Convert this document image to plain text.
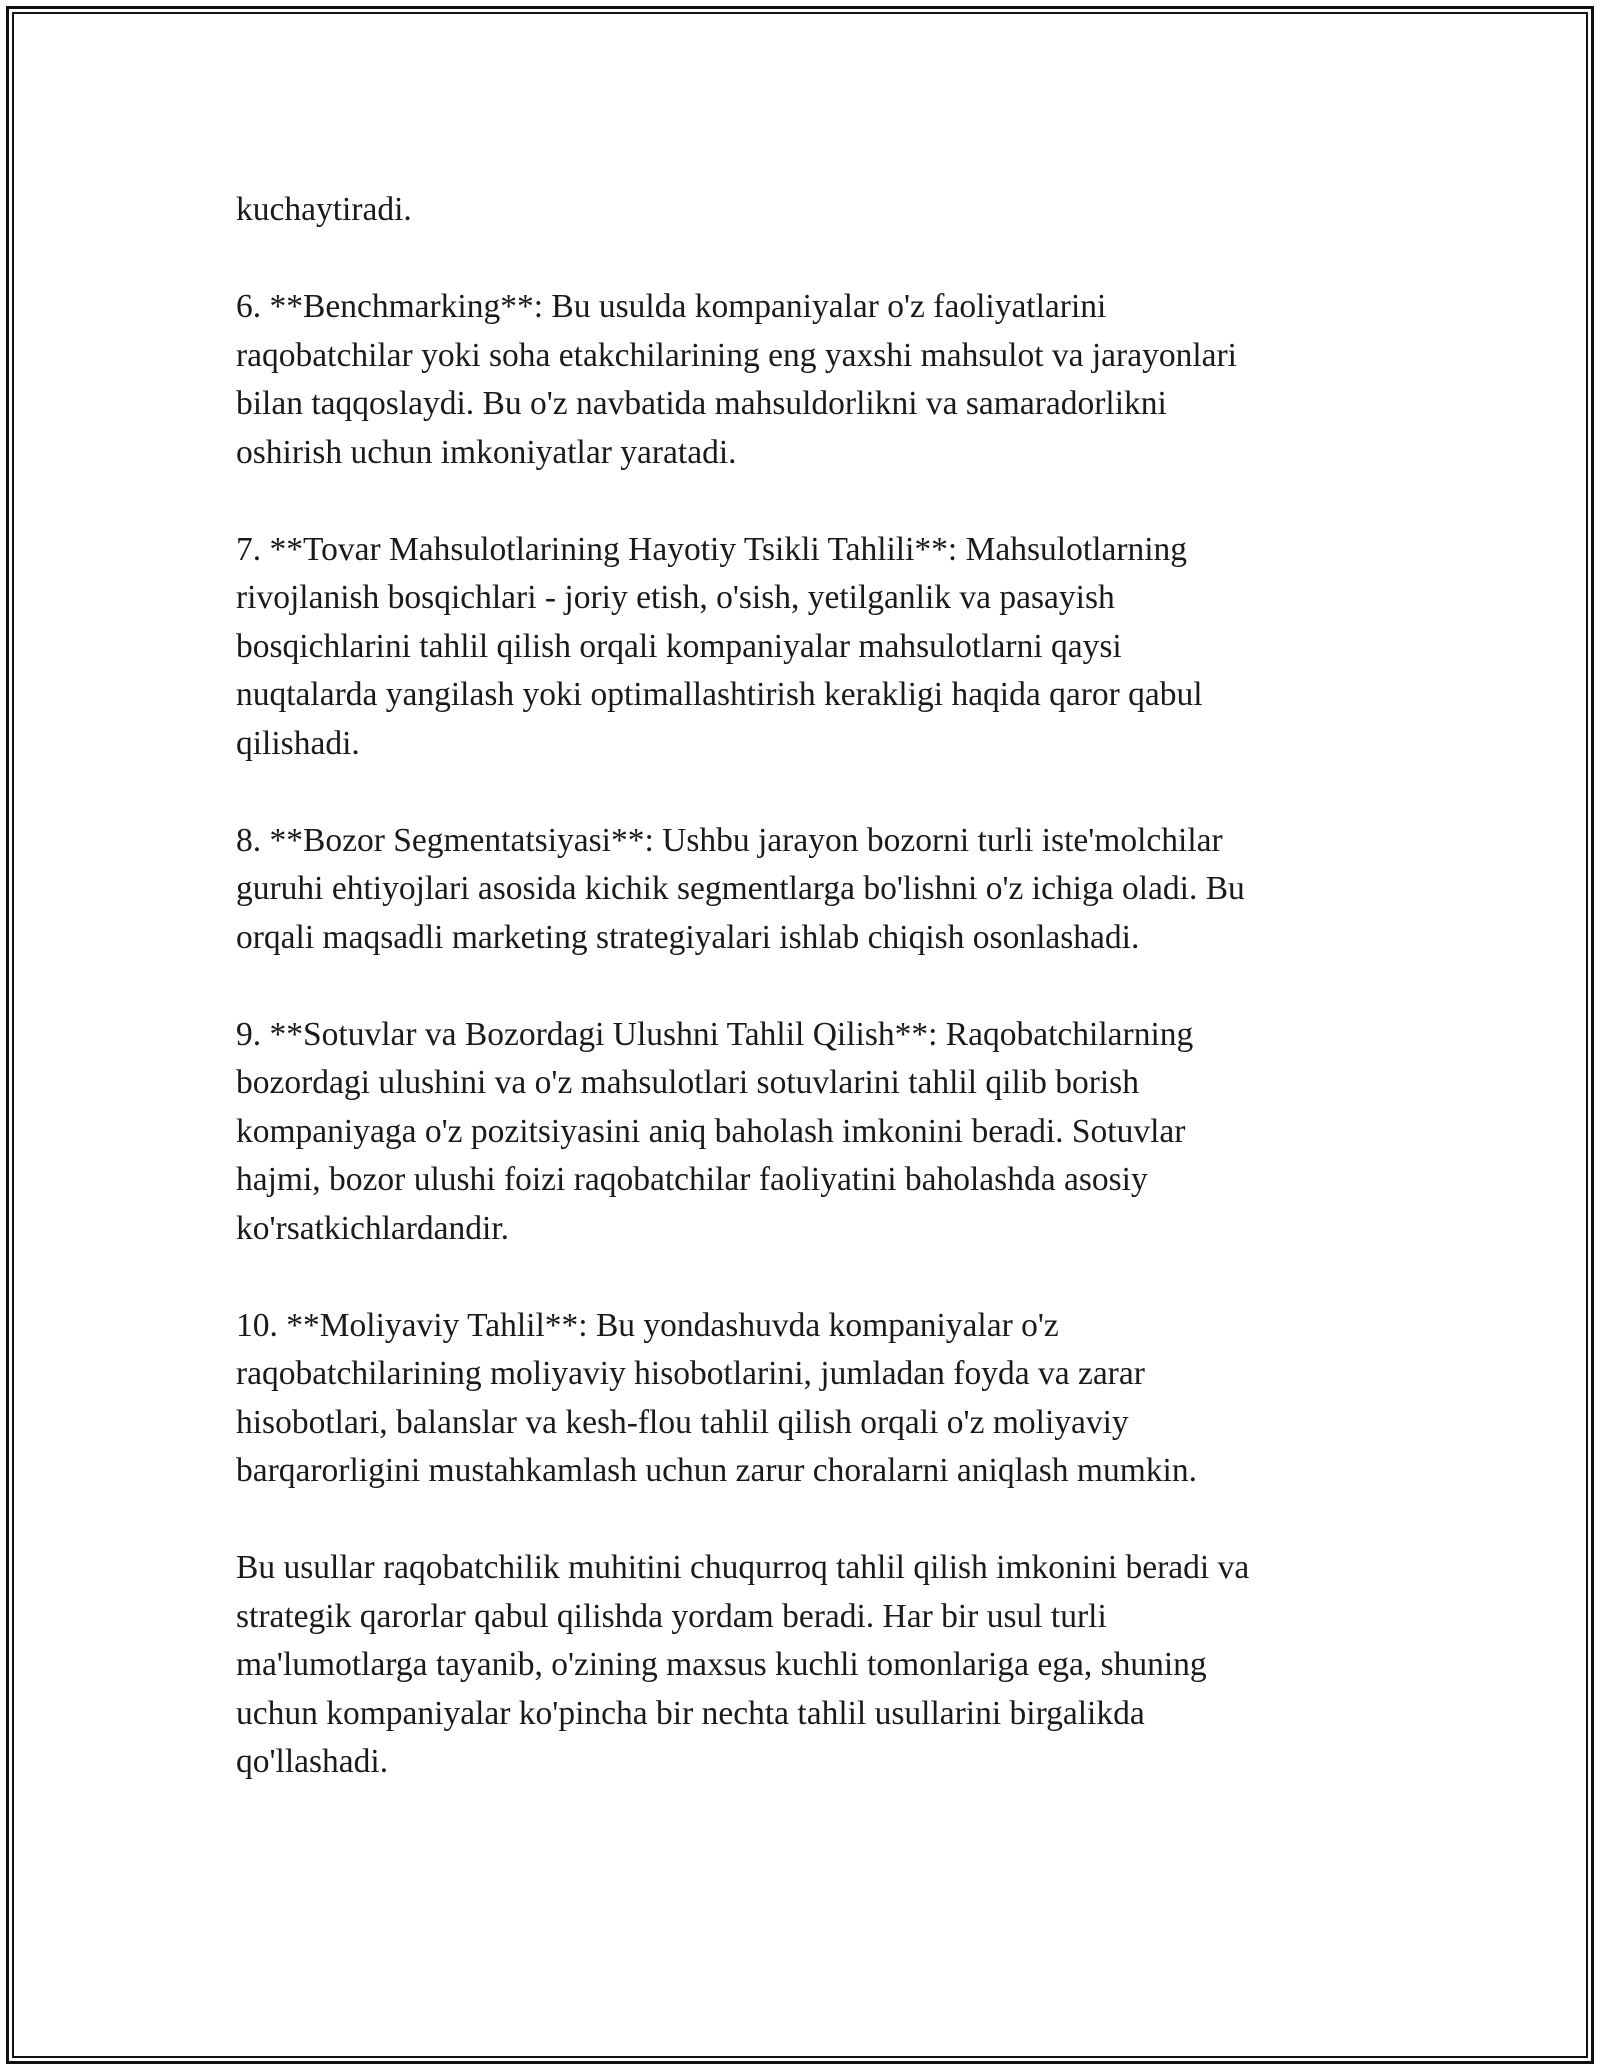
kuchaytiradi.

6. **Benchmarking**: Bu usulda kompaniyalar o'z faoliyatlarini
raqobatchilar yoki soha etakchilarining eng yaxshi mahsulot va jarayonlari
bilan taqqoslaydi. Bu o'z navbatida mahsuldorlikni va samaradorlikni
oshirish uchun imkoniyatlar yaratadi.

7. **Tovar Mahsulotlarining Hayotiy Tsikli Tahlili**: Mahsulotlarning
rivojlanish bosqichlari - joriy etish, o'sish, yetilganlik va pasayish
bosqichlarini tahlil qilish orqali kompaniyalar mahsulotlarni qaysi
nuqtalarda yangilash yoki optimallashtirish kerakligi haqida qaror qabul
qilishadi.

8. **Bozor Segmentatsiyasi**: Ushbu jarayon bozorni turli iste'molchilar
guruhi ehtiyojlari asosida kichik segmentlarga bo'lishni o'z ichiga oladi. Bu
orqali maqsadli marketing strategiyalari ishlab chiqish osonlashadi.

9. **Sotuvlar va Bozordagi Ulushni Tahlil Qilish**: Raqobatchilarning
bozordagi ulushini va o'z mahsulotlari sotuvlarini tahlil qilib borish
kompaniyaga o'z pozitsiyasini aniq baholash imkonini beradi. Sotuvlar
hajmi, bozor ulushi foizi raqobatchilar faoliyatini baholashda asosiy
ko'rsatkichlardandir.

10. **Moliyaviy Tahlil**: Bu yondashuvda kompaniyalar o'z
raqobatchilarining moliyaviy hisobotlarini, jumladan foyda va zarar
hisobotlari, balanslar va kesh-flou tahlil qilish orqali o'z moliyaviy
barqarorligini mustahkamlash uchun zarur choralarni aniqlash mumkin.

Bu usullar raqobatchilik muhitini chuqurroq tahlil qilish imkonini beradi va
strategik qarorlar qabul qilishda yordam beradi. Har bir usul turli
ma'lumotlarga tayanib, o'zining maxsus kuchli tomonlariga ega, shuning
uchun kompaniyalar ko'pincha bir nechta tahlil usullarini birgalikda
qo'llashadi.
